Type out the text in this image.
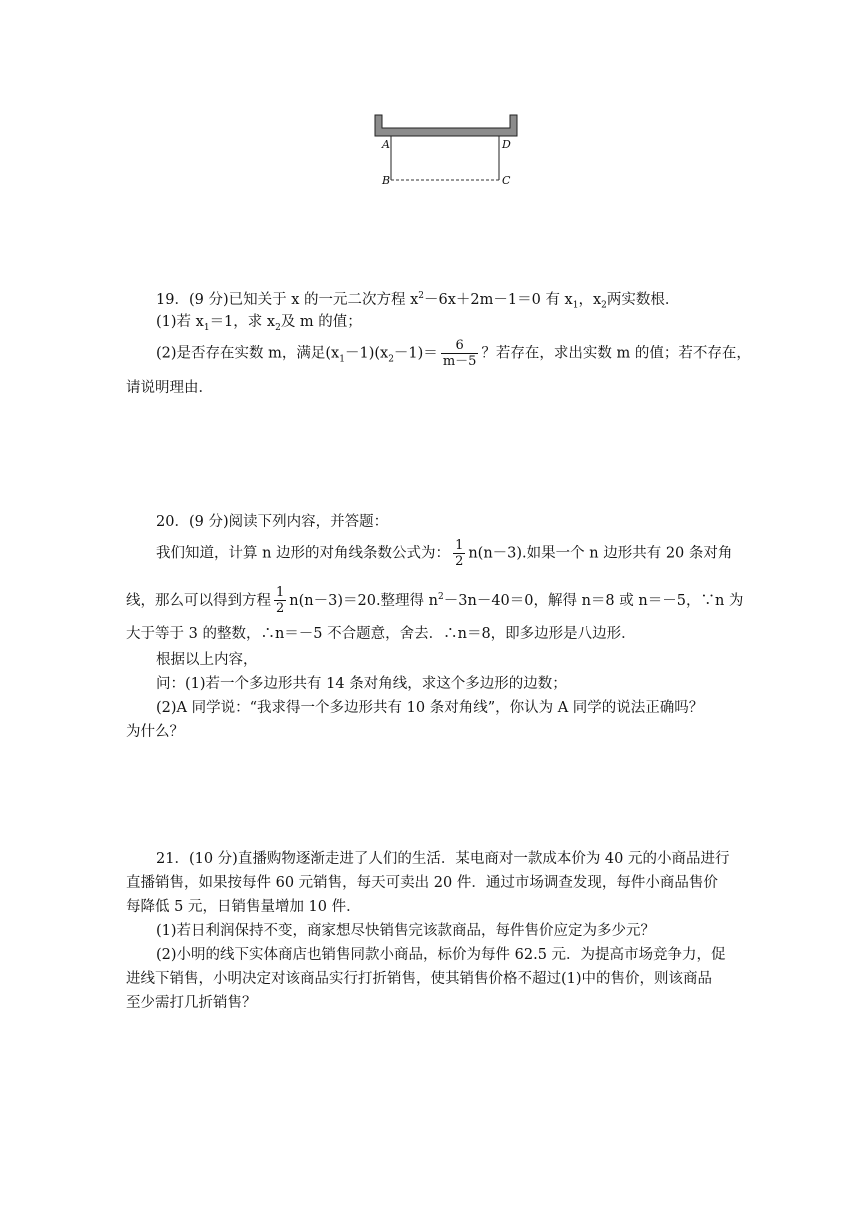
A	D
B	C
19．(9 分)已知关于 x 的一元二次方程 $x^2-6x+2m-1=0$ 有 $x_1$，$x_2$两实数根．
(1)若 $x_1=1$，求 $x_2$及 m 的值；
(2)是否存在实数 m，满足$(x_1-1)(x_2-1)= \frac{6}{m-5}$ ？若存在，求出实数 m 的值；若不存在，
请说明理由．
20．(9 分)阅读下列内容，并答题：
我们知道，计算 n 边形的对角线条数公式为： $\frac{1}{2} n(n-3)$.如果一个 n 边形共有 20 条对角
线，那么可以得到方程 $\frac{1}{2} n(n-3)=20$.整理得 $n^2-3n-40=0$，解得 n＝8 或 n＝－5，∵n 为
大于等于 3 的整数，∴n＝－5 不合题意，舍去．∴n＝8，即多边形是八边形．
根据以上内容，
问：(1)若一个多边形共有 14 条对角线，求这个多边形的边数；
(2)A 同学说：“我求得一个多边形共有 10 条对角线”，你认为 A 同学的说法正确吗？
为什么？
21．(10 分)直播购物逐渐走进了人们的生活．某电商对一款成本价为 40 元的小商品进行
直播销售，如果按每件 60 元销售，每天可卖出 20 件．通过市场调查发现，每件小商品售价
每降低 5 元，日销售量增加 10 件．
(1)若日利润保持不变，商家想尽快销售完该款商品，每件售价应定为多少元？
(2)小明的线下实体商店也销售同款小商品，标价为每件 62.5 元．为提高市场竞争力，促
进线下销售，小明决定对该商品实行打折销售，使其销售价格不超过(1)中的售价，则该商品
至少需打几折销售？
